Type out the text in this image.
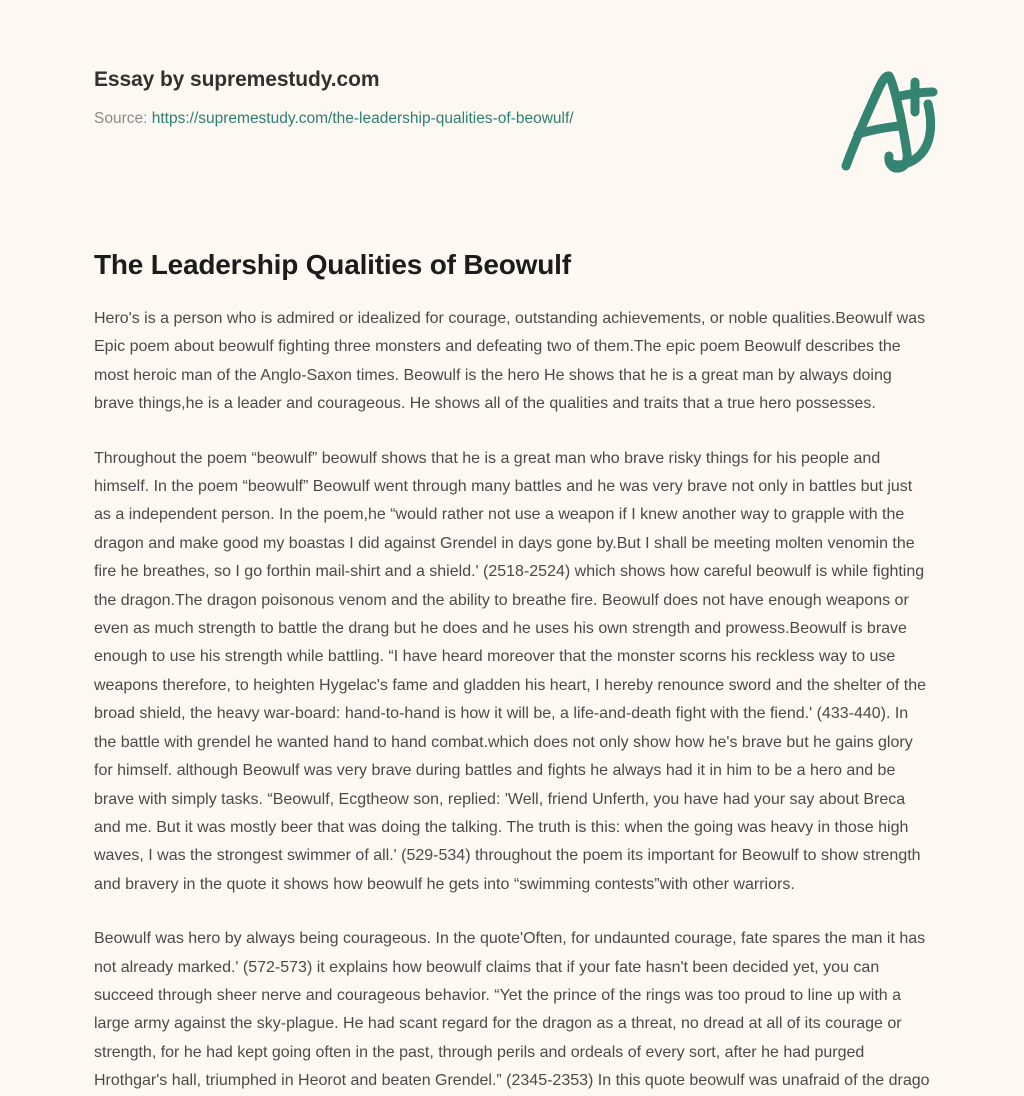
Essay by supremestudy.com
Source: https://supremestudy.com/the-leadership-qualities-of-beowulf/
The Leadership Qualities of Beowulf

Hero's is a person who is admired or idealized for courage, outstanding achievements, or noble qualities.Beowulf was Epic poem about beowulf fighting three monsters and defeating two of them.The epic poem Beowulf describes the most heroic man of the Anglo-Saxon times. Beowulf is the hero He shows that he is a great man by always doing brave things,he is a leader and courageous. He shows all of the qualities and traits that a true hero possesses.

Throughout the poem “beowulf” beowulf shows that he is a great man who brave risky things for his people and himself. In the poem “beowulf” Beowulf went through many battles and he was very brave not only in battles but just as a independent person. In the poem,he “would rather not use a weapon if I knew another way to grapple with the dragon and make good my boastas I did against Grendel in days gone by.But I shall be meeting molten venomin the fire he breathes, so I go forthin mail-shirt and a shield.' (2518-2524) which shows how careful beowulf is while fighting the dragon.The dragon poisonous venom and the ability to breathe fire. Beowulf does not have enough weapons or even as much strength to battle the drang but he does and he uses his own strength and prowess.Beowulf is brave enough to use his strength while battling. “I have heard moreover that the monster scorns his reckless way to use weapons therefore, to heighten Hygelac's fame and gladden his heart, I hereby renounce sword and the shelter of the broad shield, the heavy war-board: hand-to-hand is how it will be, a life-and-death fight with the fiend.' (433-440). In the battle with grendel he wanted hand to hand combat.which does not only show how he's brave but he gains glory for himself. although Beowulf was very brave during battles and fights he always had it in him to be a hero and be brave with simply tasks. “Beowulf, Ecgtheow son, replied: 'Well, friend Unferth, you have had your say about Breca and me. But it was mostly beer that was doing the talking. The truth is this: when the going was heavy in those high waves, I was the strongest swimmer of all.' (529-534) throughout the poem its important for Beowulf to show strength and bravery in the quote it shows how beowulf he gets into “swimming contests”with other warriors.

Beowulf was hero by always being courageous. In the quote'Often, for undaunted courage, fate spares the man it has not already marked.' (572-573) it explains how beowulf claims that if your fate hasn't been decided yet, you can succeed through sheer nerve and courageous behavior. “Yet the prince of the rings was too proud to line up with a large army against the sky-plague. He had scant regard for the dragon as a threat, no dread at all of its courage or strength, for he had kept going often in the past, through perils and ordeals of every sort, after he had purged Hrothgar's hall, triumphed in Heorot and beaten Grendel.” (2345-2353) In this quote beowulf was unafraid of the drago
